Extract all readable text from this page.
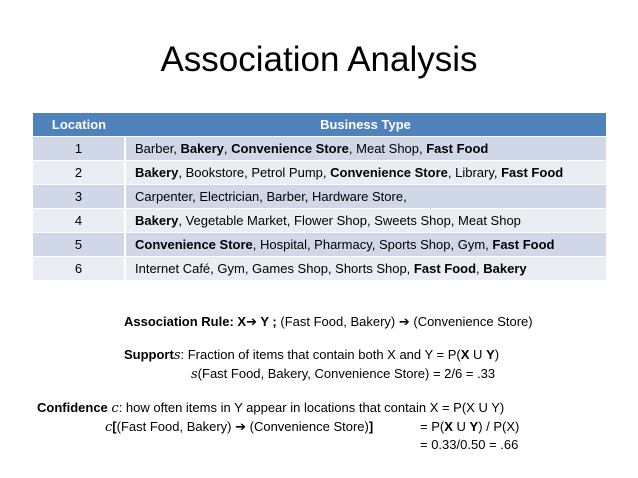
Association Analysis
Location	Business Type
1	Barber, Bakery, Convenience Store, Meat Shop, Fast Food
2	Bakery, Bookstore, Petrol Pump, Convenience Store, Library, Fast Food
3	Carpenter, Electrician, Barber, Hardware Store,
4	Bakery, Vegetable Market, Flower Shop, Sweets Shop, Meat Shop
5	Convenience Store, Hospital, Pharmacy, Sports Shop, Gym, Fast Food
6	Internet Café, Gym, Games Shop, Shorts Shop, Fast Food, Bakery
Association Rule: X➔ Y ; (Fast Food, Bakery) ➔ (Convenience Store)
Supports: Fraction of items that contain both X and Y = P(X U Y)
s(Fast Food, Bakery, Convenience Store) = 2/6 = .33
Confidence c: how often items in Y appear in locations that contain X = P(X U Y)
c[(Fast Food, Bakery) ➔ (Convenience Store)]	= P(X U Y) / P(X)
= 0.33/0.50 = .66
